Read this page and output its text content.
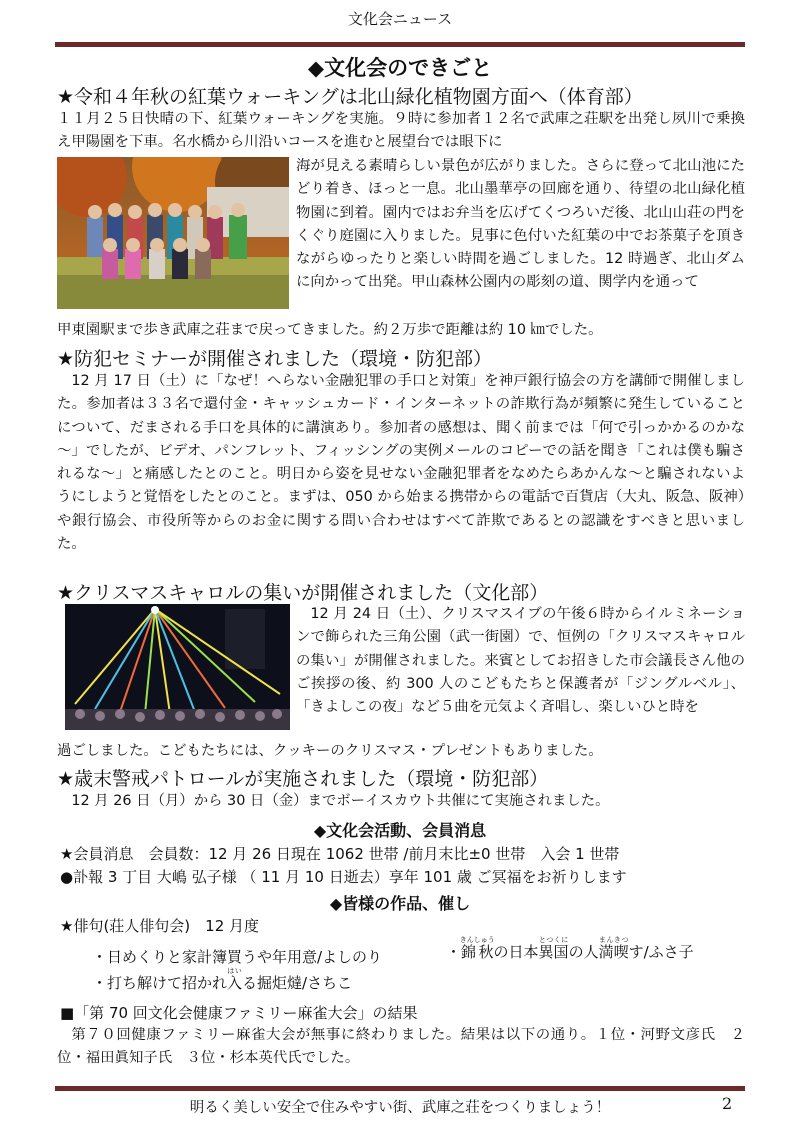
文化会ニュース
◆文化会のできごと
★令和４年秋の紅葉ウォーキングは北山緑化植物園方面へ（体育部）
１１月２５日快晴の下、紅葉ウォーキングを実施。９時に参加者１２名で武庫之荘駅を出発し夙川で乗換え甲陽園を下車。名水橋から川沿いコースを進むと展望台では眼下に
海が見える素晴らしい景色が広がりました。さらに登って北山池にたどり着き、ほっと一息。北山墨華亭の回廊を通り、待望の北山緑化植物園に到着。園内ではお弁当を広げてくつろいだ後、北山山荘の門をくぐり庭園に入りました。見事に色付いた紅葉の中でお茶菓子を頂きながらゆったりと楽しい時間を過ごしました。12 時過ぎ、北山ダムに向かって出発。甲山森林公園内の彫刻の道、関学内を通って
甲東園駅まで歩き武庫之荘まで戻ってきました。約２万歩で距離は約 10 ㎞でした。
★防犯セミナーが開催されました（環境・防犯部）
12 月 17 日（土）に「なぜ！へらない金融犯罪の手口と対策」を神戸銀行協会の方を講師で開催しました。参加者は３３名で還付金・キャッシュカード・インターネットの詐欺行為が頻繁に発生していることについて、だまされる手口を具体的に講演あり。参加者の感想は、聞く前までは「何で引っかかるのかな～」でしたが、ビデオ、パンフレット、フィッシングの実例メールのコピーでの話を聞き「これは僕も騙されるな～」と痛感したとのこと。明日から姿を見せない金融犯罪者をなめたらあかんな～と騙されないようにしようと覚悟をしたとのこと。まずは、050 から始まる携帯からの電話で百貨店（大丸、阪急、阪神）や銀行協会、市役所等からのお金に関する問い合わせはすべて詐欺であるとの認識をすべきと思いました。
★クリスマスキャロルの集いが開催されました（文化部）
12 月 24 日（土）、クリスマスイブの午後６時からイルミネーションで飾られた三角公園（武一街園）で、恒例の「クリスマスキャロルの集い」が開催されました。来賓としてお招きした市会議長さん他のご挨拶の後、約 300 人のこどもたちと保護者が「ジングルベル」、「きよしこの夜」など５曲を元気よく斉唱し、楽しいひと時を
過ごしました。こどもたちには、クッキーのクリスマス・プレゼントもありました。
★歳末警戒パトロールが実施されました（環境・防犯部）
12 月 26 日（月）から 30 日（金）までボーイスカウト共催にて実施されました。
◆文化会活動、会員消息
★会員消息　会員数：12 月 26 日現在 1062 世帯 /前月末比±0 世帯　入会 1 世帯
●訃報 3 丁目 大嶋 弘子様 （ 11 月 10 日逝去）享年 101 歳 ご冥福をお祈りします
◆皆様の作品、催し
★俳句(荘人俳句会)　12 月度
・日めくりと家計簿買うや年用意/よしのり	・錦秋きんしゅうの日本異国とつくにの人満喫まんきつす/ふさ子
・打ち解けて招かれ入はいる掘炬燵/さちこ
■「第 70 回文化会健康ファミリー麻雀大会」の結果
第７０回健康ファミリー麻雀大会が無事に終わりました。結果は以下の通り。１位・河野文彦氏　２位・福田眞知子氏　３位・杉本英代氏でした。
明るく美しい安全で住みやすい街、武庫之荘をつくりましょう！	2
